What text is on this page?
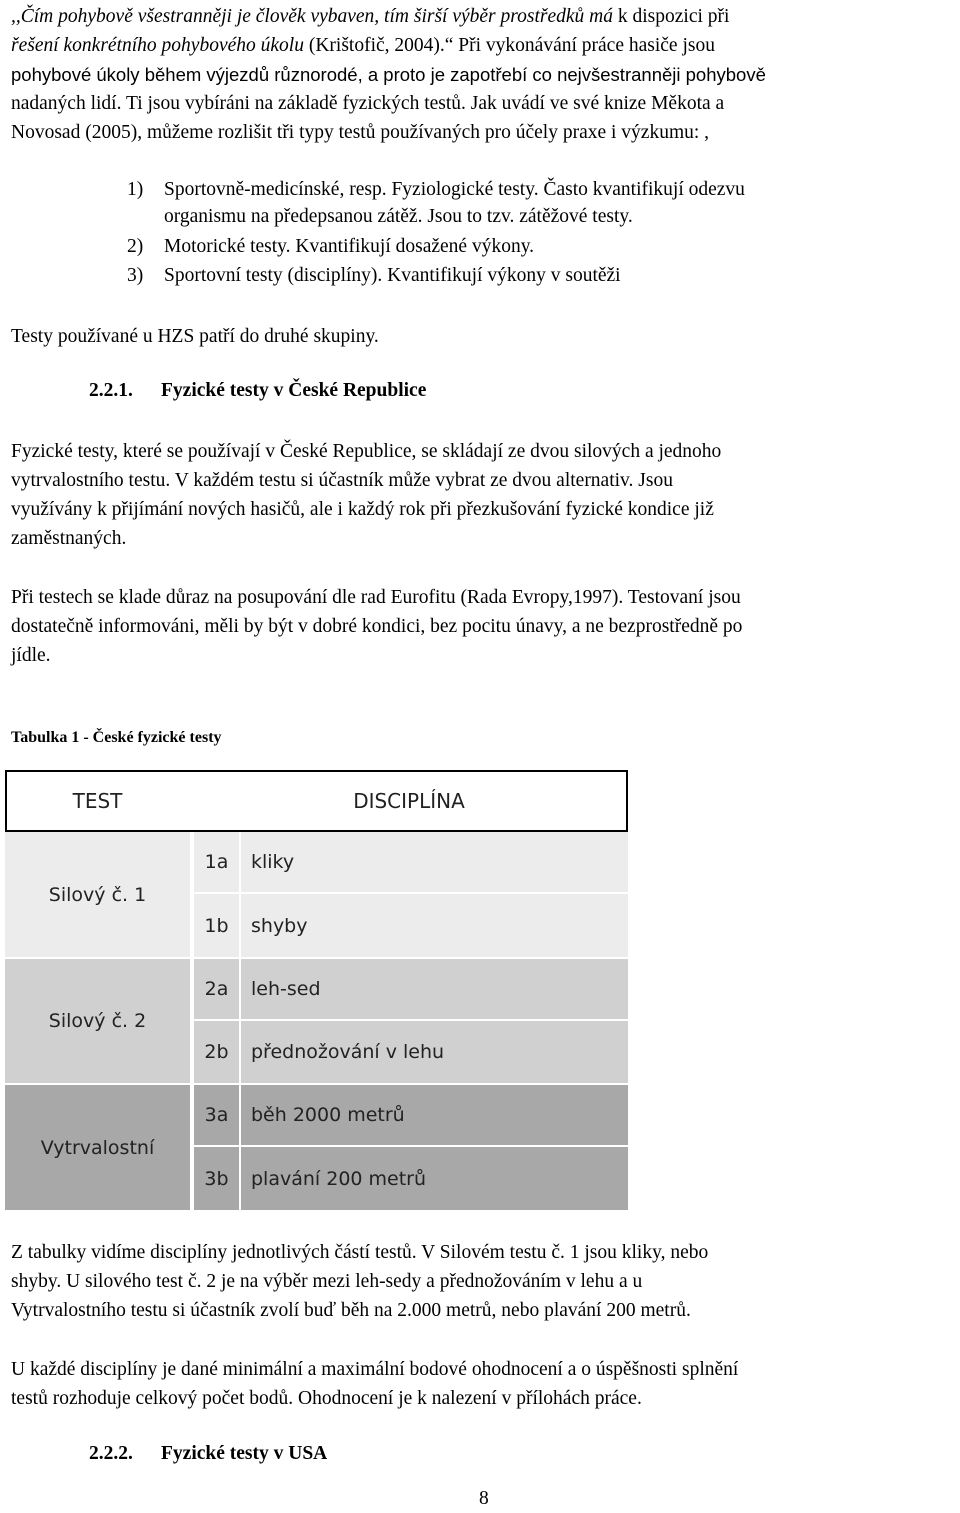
,,Čím pohybově všestranněji je člověk vybaven, tím širší výběr prostředků má k dispozici při
řešení konkrétního pohybového úkolu (Krištofič, 2004).“ Při vykonávání práce hasiče jsou
pohybové úkoly během výjezdů různorodé, a proto je zapotřebí co nejvšestranněji pohybově
nadaných lidí. Ti jsou vybíráni na základě fyzických testů. Jak uvádí ve své knize Měkota a
Novosad (2005), můžeme rozlišit tři typy testů používaných pro účely praxe i výzkumu: ,
1) Sportovně-medicínské, resp. Fyziologické testy. Často kvantifikují odezvu
organismu na předepsanou zátěž. Jsou to tzv. zátěžové testy.
2) Motorické testy. Kvantifikují dosažené výkony.
3) Sportovní testy (disciplíny). Kvantifikují výkony v soutěži
Testy používané u HZS patří do druhé skupiny.
2.2.1. Fyzické testy v České Republice
Fyzické testy, které se používají v České Republice, se skládají ze dvou silových a jednoho
vytrvalostního testu. V každém testu si účastník může vybrat ze dvou alternativ. Jsou
využívány k přijímání nových hasičů, ale i každý rok při přezkušování fyzické kondice již
zaměstnaných.
Při testech se klade důraz na posupování dle rad Eurofitu (Rada Evropy,1997). Testovaní jsou
dostatečně informováni, měli by být v dobré kondici, bez pocitu únavy, a ne bezprostředně po
jídle.
Tabulka 1 - České fyzické testy
TEST	DISCIPLÍNA
Silový č. 1
1a	kliky
1b	shyby
Silový č. 2
2a	leh-sed
2b	přednožování v lehu
Vytrvalostní
3a	běh 2000 metrů
3b	plavání 200 metrů
Z tabulky vidíme disciplíny jednotlivých částí testů. V Silovém testu č. 1 jsou kliky, nebo
shyby. U silového test č. 2 je na výběr mezi leh-sedy a přednožováním v lehu a u
Vytrvalostního testu si účastník zvolí buď běh na 2.000 metrů, nebo plavání 200 metrů.
U každé disciplíny je dané minimální a maximální bodové ohodnocení a o úspěšnosti splnění
testů rozhoduje celkový počet bodů. Ohodnocení je k nalezení v přílohách práce.
2.2.2. Fyzické testy v USA
8
